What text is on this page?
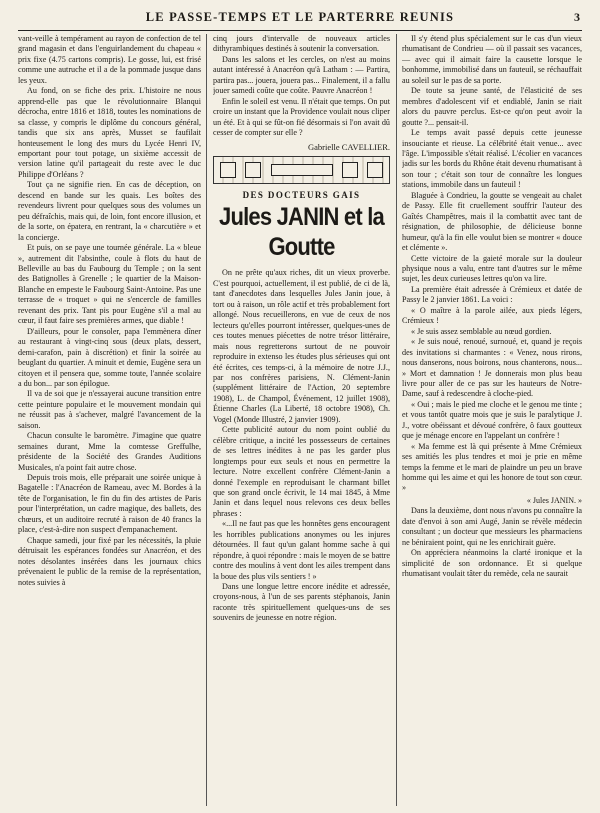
LE PASSE-TEMPS ET LE PARTERRE REUNIS	3

vant-veille à tempérament au rayon de confection de tel grand magasin et dans l'enguirlandement du chapeau « prix fixe (4.75 cartons compris). Le gosse, lui, est frisé comme une autruche et il a de la pommade jusque dans les yeux.

Au fond, on se fiche des prix. L'histoire ne nous apprend-elle pas que le révolutionnaire Blanqui décrocha, entre 1816 et 1818, toutes les nominations de sa classe, y compris le diplôme du concours général, tandis que six ans après, Musset se faufilait honteusement le long des murs du Lycée Henri IV, emportant pour tout potage, un sixième accessit de version latine qu'il partageait du reste avec le duc Philippe d'Orléans ?

Tout ça ne signifie rien. En cas de déception, on descend en bande sur les quais. Les boîtes des revendeurs livrent pour quelques sous des volumes un peu défraîchis, mais qui, de loin, font encore illusion, et de la sorte, on épatera, en rentrant, la « charcutière » et la concierge.

Et puis, on se paye une tournée générale. La « bleue », autrement dit l'absinthe, coule à flots du haut de Belleville au bas du Faubourg du Temple ; on la sent des Batignolles à Grenelle ; le quartier de la Maison-Blanche en empeste le Faubourg Saint-Antoine. Pas une terrasse de « troquet » qui ne s'encercle de familles revenant des prix. Tant pis pour Eugène s'il a mal au cœur, il faut faire ses premières armes, que diable !

D'ailleurs, pour le consoler, papa l'emmènera dîner au restaurant à vingt-cinq sous (deux plats, dessert, demi-carafon, pain à discrétion) et finir la soirée au beuglant du quartier. A minuit et demie, Eugène sera un citoyen et il pensera que, somme toute, l'année scolaire a du bon... par son épilogue.

Il va de soi que je n'essayerai aucune transition entre cette peinture populaire et le mouvement mondain qui ne réussit pas à s'achever, malgré l'avancement de la saison.

Chacun consulte le baromètre. J'imagine que quatre semaines durant, Mme la comtesse Greffulhe, présidente de la Société des Grandes Auditions Musicales, n'a point fait autre chose.

Depuis trois mois, elle préparait une soirée unique à Bagatelle : l'Anacréon de Rameau, avec M. Bordes à la tête de l'organisation, le fin du fin des artistes de Paris pour l'interprétation, un cadre magique, des ballets, des chœurs, et un auditoire recruté à raison de 40 francs la place, c'est-à-dire non suspect d'empanachement.

Chaque samedi, jour fixé par les nécessités, la pluie détruisait les espérances fondées sur Anacréon, et des notes désolantes insérées dans les journaux chics prévenaient le public de la remise de la représentation, notes suivies à

cinq jours d'intervalle de nouveaux articles dithyrambiques destinés à soutenir la conversation.

Dans les salons et les cercles, on n'est au moins autant intéressé à Anacréon qu'à Latham : — Partira, partira pas... jouera, jouera pas... Finalement, il a fallu jouer samedi coûte que coûte. Pauvre Anacréon !

Enfin le soleil est venu. Il n'était que temps. On put croire un instant que la Providence voulait nous cliper un été. Et à qui se fût-on fié désormais si l'on avait dû cesser de compter sur elle ?

Gabrielle CAVELLIER.
DES DOCTEURS GAIS
Jules JANIN et la Goutte

On ne prête qu'aux riches, dit un vieux proverbe. C'est pourquoi, actuellement, il est publié, de ci de là, tant d'anecdotes dans lesquelles Jules Janin joue, à tort ou à raison, un rôle actif et très probablement fort allongé. Nous recueillerons, en vue de ceux de nos lecteurs qu'elles pourront intéresser, quelques-unes de ces toutes menues piécettes de notre trésor littéraire, mais nous regretterons surtout de ne pouvoir reproduire in extenso les études plus sérieuses qui ont été écrites, ces temps-ci, à la mémoire de notre J.J., par nos confrères parisiens, N. Clément-Janin (supplément littéraire de l'Action, 20 septembre 1908), L. de Champol, Événement, 12 juillet 1908), Étienne Charles (La Liberté, 18 octobre 1908), Ch. Vogel (Monde Illustré, 2 janvier 1909).

Cette publicité autour du nom point oublié du célèbre critique, a incité les possesseurs de certaines de ses lettres inédites à ne pas les garder plus longtemps pour eux seuls et nous en permettre la lecture. Notre excellent confrère Clément-Janin a donné l'exemple en reproduisant le charmant billet que son grand oncle écrivit, le 14 mai 1845, à Mme Janin et dans lequel nous relevons ces deux belles phrases :

«...Il ne faut pas que les honnêtes gens encouragent les horribles publications anonymes ou les injures détournées. Il faut qu'un galant homme sache à qui répondre, à quoi répondre : mais le moyen de se battre contre des moulins à vent dont les ailes trempent dans la boue des plus vils sentiers ! »

Dans une longue lettre encore inédite et adressée, croyons-nous, à l'un de ses parents stéphanois, Janin raconte très spirituellement quelques-uns de ses souvenirs de jeunesse en notre région.

Il s'y étend plus spécialement sur le cas d'un vieux rhumatisant de Condrieu — où il passait ses vacances, — avec qui il aimait faire la causette lorsque le bonhomme, immobilisé dans un fauteuil, se réchauffait au soleil sur le pas de sa porte.

De toute sa jeune santé, de l'élasticité de ses membres d'adolescent vif et endiablé, Janin se riait alors du pauvre perclus. Est-ce qu'on peut avoir la goutte ?... pensait-il.

Le temps avait passé depuis cette jeunesse insouciante et rieuse. La célébrité était venue... avec l'âge. L'impossible s'était réalisé. L'écolier en vacances jadis sur les bords du Rhône était devenu rhumatisant à son tour ; c'était son tour de connaître les longues stations, immobile dans un fauteuil !

Blaguée à Condrieu, la goutte se vengeait au chalet de Passy. Elle fit cruellement souffrir l'auteur des Gaîtés Champêtres, mais il la combattit avec tant de résignation, de philosophie, de délicieuse bonne humeur, qu'à la fin elle voulut bien se montrer « douce et clémente ».

Cette victoire de la gaieté morale sur la douleur physique nous a valu, entre tant d'autres sur le même sujet, les deux curieuses lettres qu'on va lire.

La première était adressée à Crémieux et datée de Passy le 2 janvier 1861. La voici :

« O maître à la parole ailée, aux pieds légers, Crémieux !

« Je suis assez semblable au nœud gordien.

« Je suis noué, renoué, surnoué, et, quand je reçois des invitations si charmantes : « Venez, nous rirons, nous danserons, nous boirons, nous chanterons, nous... » Mort et damnation ! Je donnerais mon plus beau livre pour aller de ce pas sur les hauteurs de Notre-Dame, sauf à redescendre à cloche-pied.

« Oui ; mais le pied me cloche et le genou me tinte ; et vous tantôt quatre mois que je suis le paralytique J. J., votre obéissant et dévoué confrère, ô faux goutteux que je ménage encore en l'appelant un confrère !

« Ma femme est là qui présente à Mme Crémieux ses amitiés les plus tendres et moi je prie en même temps la femme et le mari de plaindre un peu un brave homme qui les aime et qui les honore de tout son cœur. »

« Jules JANIN. »

Dans la deuxième, dont nous n'avons pu connaître la date d'envoi à son ami Augé, Janin se révèle médecin consultant ; un docteur que messieurs les pharmaciens ne béniraient point, qui ne les enrichirait guère.

On appréciera néanmoins la clarté ironique et la simplicité de son ordonnance. Et si quelque rhumatisant voulait tâter du remède, cela ne saurait
